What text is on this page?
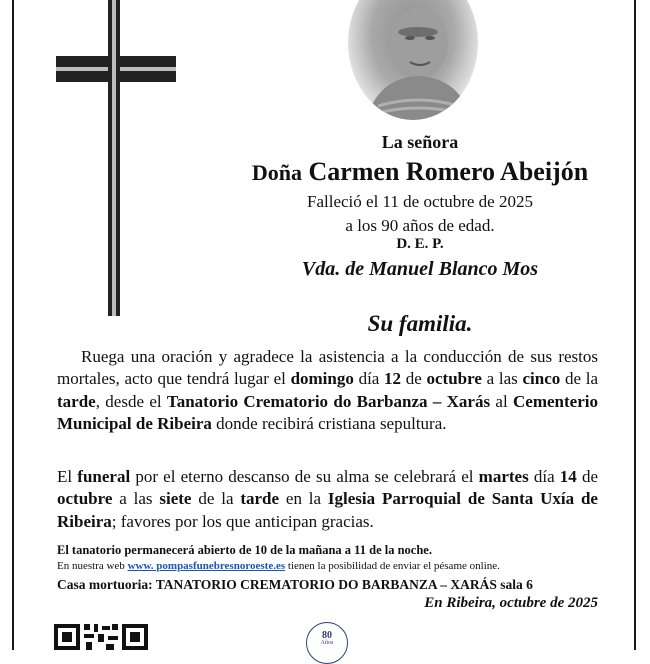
La señora

Doña Carmen Romero Abeijón

Falleció el 11 de octubre de 2025

a los 90 años de edad.

D. E. P.

Vda. de Manuel Blanco Mos

Su familia.

Ruega una oración y agradece la asistencia a la conducción de sus restos mortales, acto que tendrá lugar el domingo día 12 de octubre a las cinco de la tarde, desde el Tanatorio Crematorio do Barbanza – Xarás al Cementerio Municipal de Ribeira donde recibirá cristiana sepultura.

El funeral por el eterno descanso de su alma se celebrará el martes día 14 de octubre a las siete de la tarde en la Iglesia Parroquial de Santa Uxía de Ribeira; favores por los que anticipan gracias.

El tanatorio permanecerá abierto de 10 de la mañana a 11 de la noche.

En nuestra web www. pompasfunebresnoroeste.es tienen la posibilidad de enviar el pésame online.

Casa mortuoria: TANATORIO CREMATORIO DO BARBANZA – XARÁS sala 6

En Ribeira, octubre de 2025

80
Años
